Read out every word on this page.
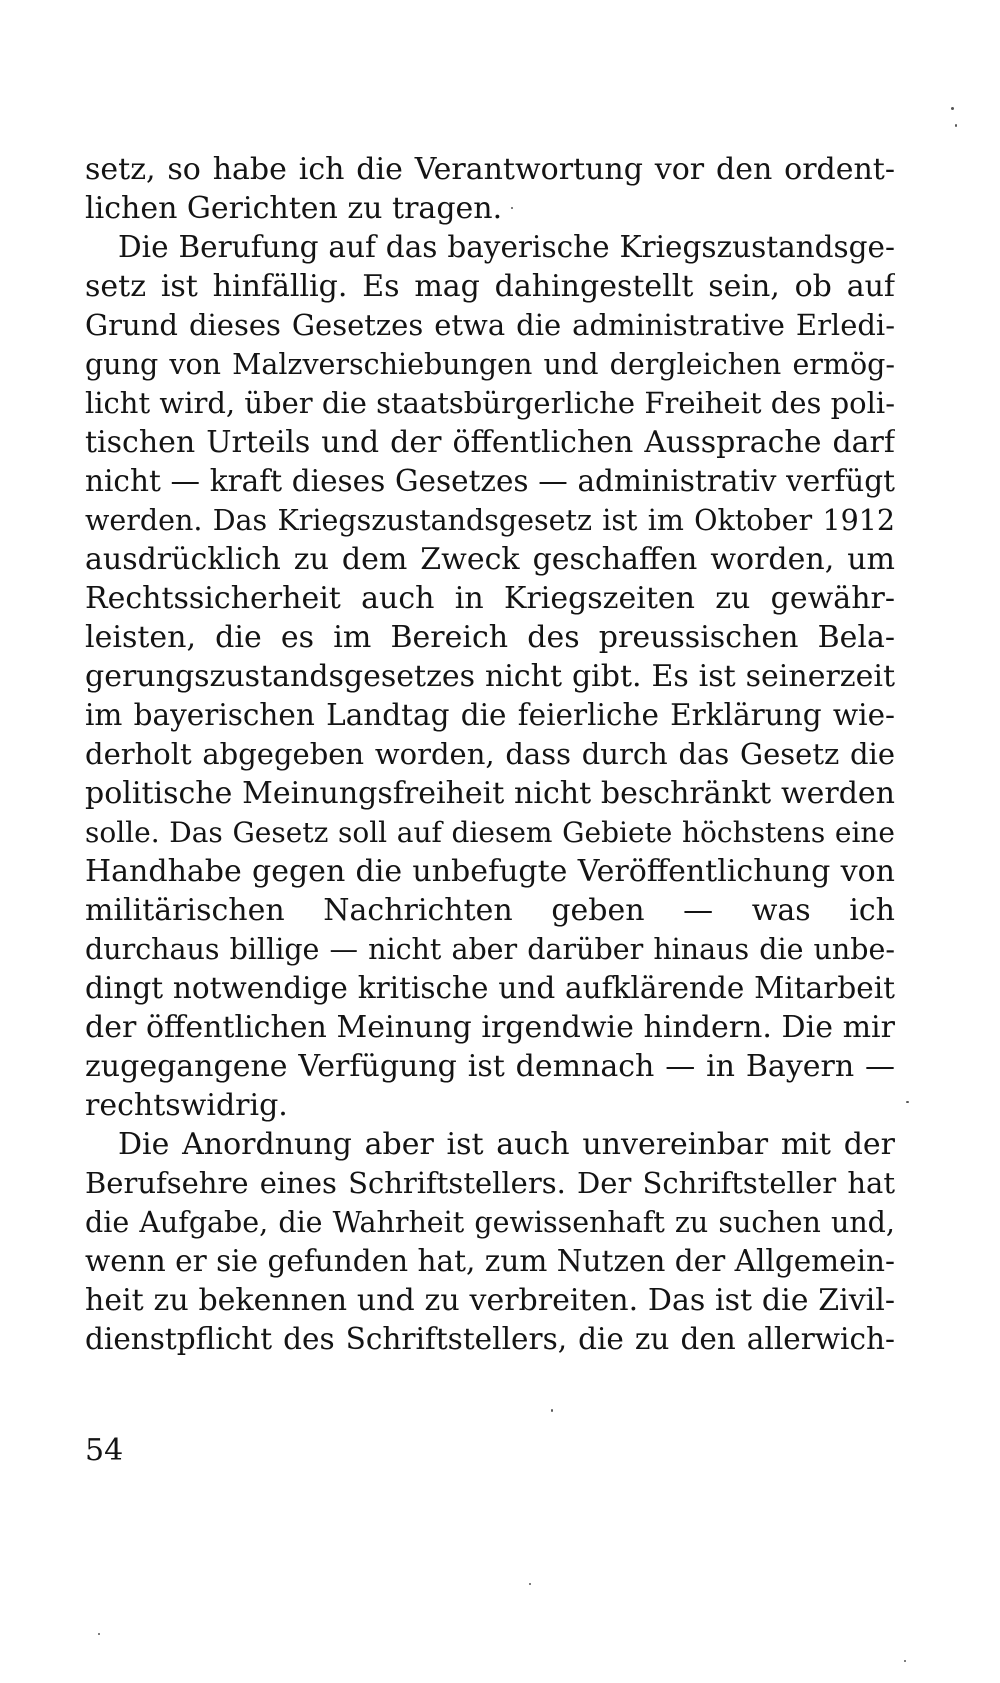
setz, so habe ich die Verantwortung vor den ordent-
lichen Gerichten zu tragen.
Die Berufung auf das bayerische Kriegszustandsge-
setz ist hinfällig. Es mag dahingestellt sein, ob auf
Grund dieses Gesetzes etwa die administrative Erledi-
gung von Malzverschiebungen und dergleichen ermög-
licht wird, über die staatsbürgerliche Freiheit des poli-
tischen Urteils und der öffentlichen Aussprache darf
nicht — kraft dieses Gesetzes — administrativ verfügt
werden. Das Kriegszustandsgesetz ist im Oktober 1912
ausdrücklich zu dem Zweck geschaffen worden, um
Rechtssicherheit auch in Kriegszeiten zu gewähr-
leisten, die es im Bereich des preussischen Bela-
gerungszustandsgesetzes nicht gibt. Es ist seinerzeit
im bayerischen Landtag die feierliche Erklärung wie-
derholt abgegeben worden, dass durch das Gesetz die
politische Meinungsfreiheit nicht beschränkt werden
solle. Das Gesetz soll auf diesem Gebiete höchstens eine
Handhabe gegen die unbefugte Veröffentlichung von
militärischen Nachrichten geben — was ich
durchaus billige — nicht aber darüber hinaus die unbe-
dingt notwendige kritische und aufklärende Mitarbeit
der öffentlichen Meinung irgendwie hindern. Die mir
zugegangene Verfügung ist demnach — in Bayern —
rechtswidrig.
Die Anordnung aber ist auch unvereinbar mit der
Berufsehre eines Schriftstellers. Der Schriftsteller hat
die Aufgabe, die Wahrheit gewissenhaft zu suchen und,
wenn er sie gefunden hat, zum Nutzen der Allgemein-
heit zu bekennen und zu verbreiten. Das ist die Zivil-
dienstpflicht des Schriftstellers, die zu den allerwich-
54
